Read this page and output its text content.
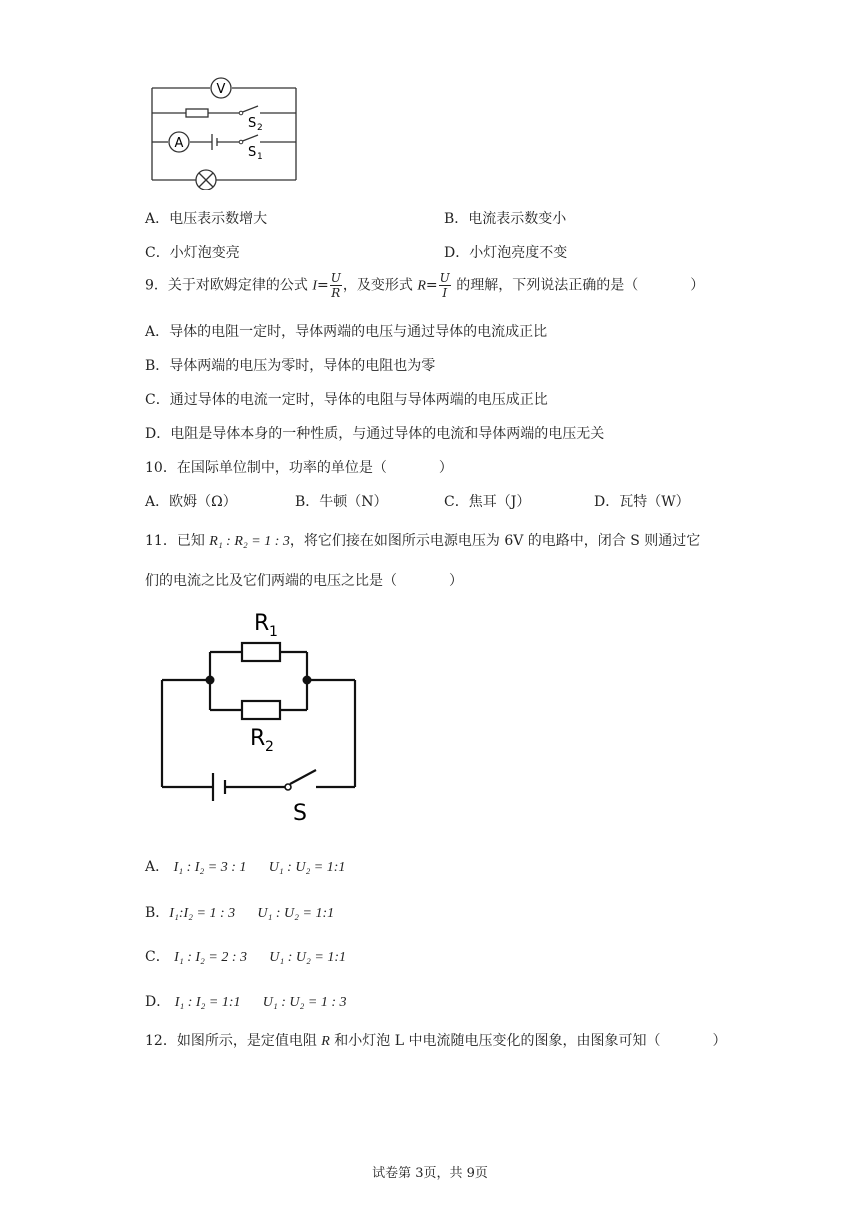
V
A
S 2
S 1
A．电压表示数增大	B．电流表示数变小
C．小灯泡变亮	D．小灯泡亮度不变
9．关于对欧姆定律的公式 $I= \frac{U}{R}$ ，及变形式 $R= \frac{U}{I}$ 的理解，下列说法正确的是（	）
A．导体的电阻一定时，导体两端的电压与通过导体的电流成正比
B．导体两端的电压为零时，导体的电阻也为零
C．通过导体的电流一定时，导体的电阻与导体两端的电压成正比
D．电阻是导体本身的一种性质，与通过导体的电流和导体两端的电压无关
10．在国际单位制中，功率的单位是（	）
A．欧姆（Ω）	B．牛顿（N）	C．焦耳（J）	D．瓦特（W）
11．已知 R₁ : R₂ = 1 : 3，将它们接在如图所示电源电压为 6V 的电路中，闭合 S 则通过它
们的电流之比及它们两端的电压之比是（	）
R 1
R 2
S
A． I₁ : I₂ = 3 : 1 U₁ : U₂ = 1:1
B．I₁:I₂ = 1 : 3 U₁ : U₂ = 1:1
C． I₁ : I₂ = 2 : 3 U₁ : U₂ = 1:1
D． I₁ : I₂ = 1:1 U₁ : U₂ = 1 : 3
12．如图所示，是定值电阻 R 和小灯泡 L 中电流随电压变化的图象，由图象可知（	）
试卷第 3页，共 9页
